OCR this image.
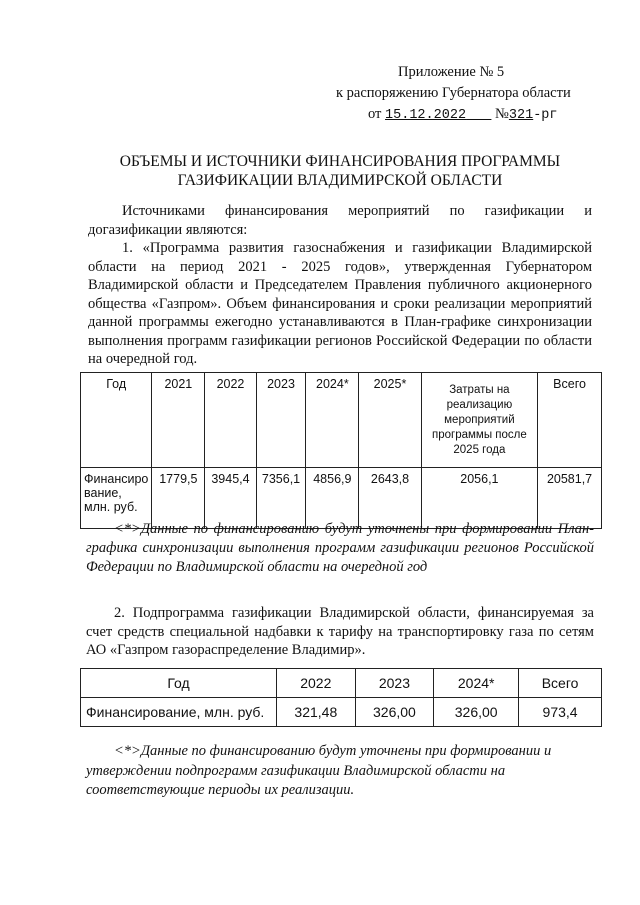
Приложение № 5
к распоряжению Губернатора области
от 15.12.2022 №321-рг
ОБЪЕМЫ И ИСТОЧНИКИ ФИНАНСИРОВАНИЯ ПРОГРАММЫ
ГАЗИФИКАЦИИ ВЛАДИМИРСКОЙ ОБЛАСТИ
Источниками финансирования мероприятий по газификации и догазификации являются:
1. «Программа развития газоснабжения и газификации Владимирской области на период 2021 - 2025 годов», утвержденная Губернатором Владимирской области и Председателем Правления публичного акционерного общества «Газпром». Объем финансирования и сроки реализации мероприятий данной программы ежегодно устанавливаются в План-графике синхронизации выполнения программ газификации регионов Российской Федерации по области на очередной год.
Год	2021	2022	2023	2024*	2025*	Затраты на реализацию мероприятий программы после 2025 года	Всего
Финансиро вание, млн. руб.	1779,5	3945,4	7356,1	4856,9	2643,8	2056,1	20581,7
<*>Данные по финансированию будут уточнены при формировании План-графика синхронизации выполнения программ газификации регионов Российской Федерации по Владимирской области на очередной год
2. Подпрограмма газификации Владимирской области, финансируемая за счет средств специальной надбавки к тарифу на транспортировку газа по сетям АО «Газпром газораспределение Владимир».
Год	2022	2023	2024*	Всего
Финансирование, млн. руб.	321,48	326,00	326,00	973,4
<*>Данные по финансированию будут уточнены при формировании и
утверждении подпрограмм газификации Владимирской области на
соответствующие периоды их реализации.
